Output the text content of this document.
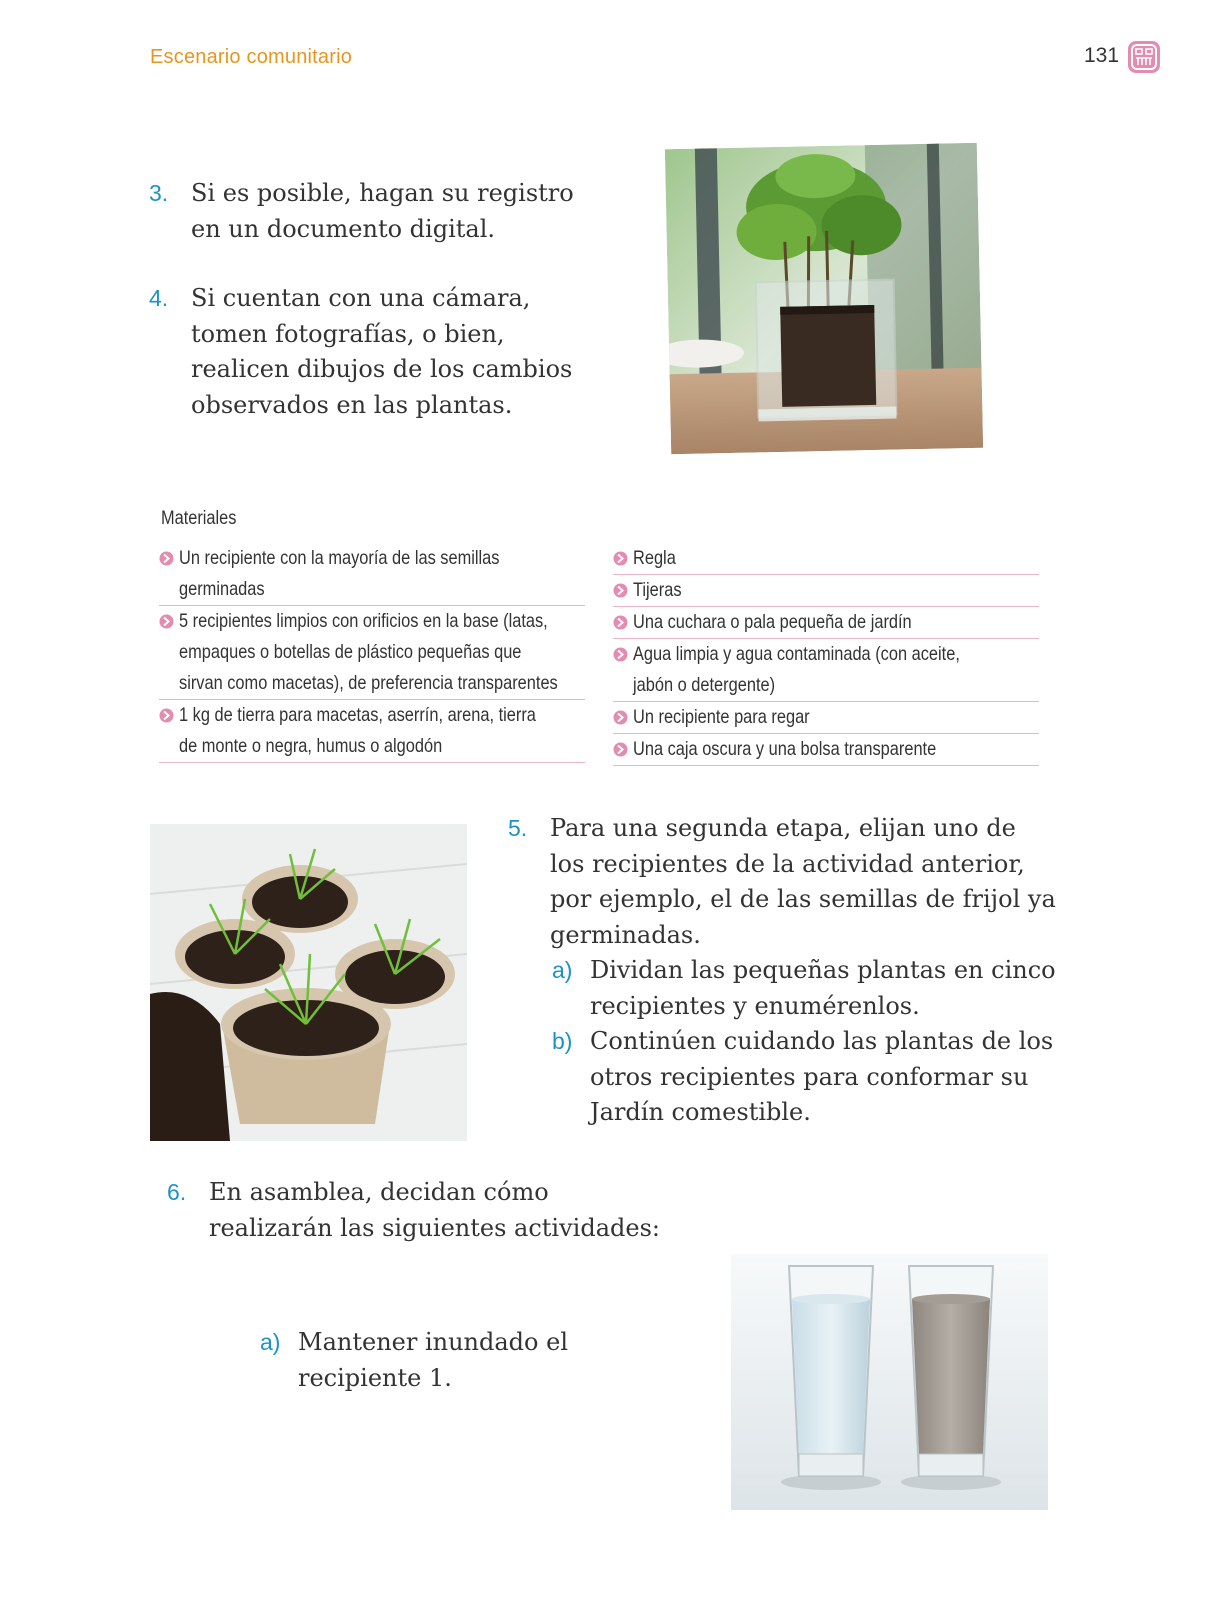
Escenario comunitario	131
3. Si es posible, hagan su registro
en un documento digital.
4. Si cuentan con una cámara,
tomen fotografías, o bien,
realicen dibujos de los cambios
observados en las plantas.
Materiales
Un recipiente con la mayoría de las semillas
germinadas
5 recipientes limpios con orificios en la base (latas,
empaques o botellas de plástico pequeñas que
sirvan como macetas), de preferencia transparentes
1 kg de tierra para macetas, aserrín, arena, tierra
de monte o negra, humus o algodón
Regla
Tijeras
Una cuchara o pala pequeña de jardín
Agua limpia y agua contaminada (con aceite,
jabón o detergente)
Un recipiente para regar
Una caja oscura y una bolsa transparente
5. Para una segunda etapa, elijan uno de
los recipientes de la actividad anterior,
por ejemplo, el de las semillas de frijol ya
germinadas.
a) Dividan las pequeñas plantas en cinco
recipientes y enumérenlos.
b) Continúen cuidando las plantas de los
otros recipientes para conformar su
Jardín comestible.
6. En asamblea, decidan cómo
realizarán las siguientes actividades:
a) Mantener inundado el
recipiente 1.
